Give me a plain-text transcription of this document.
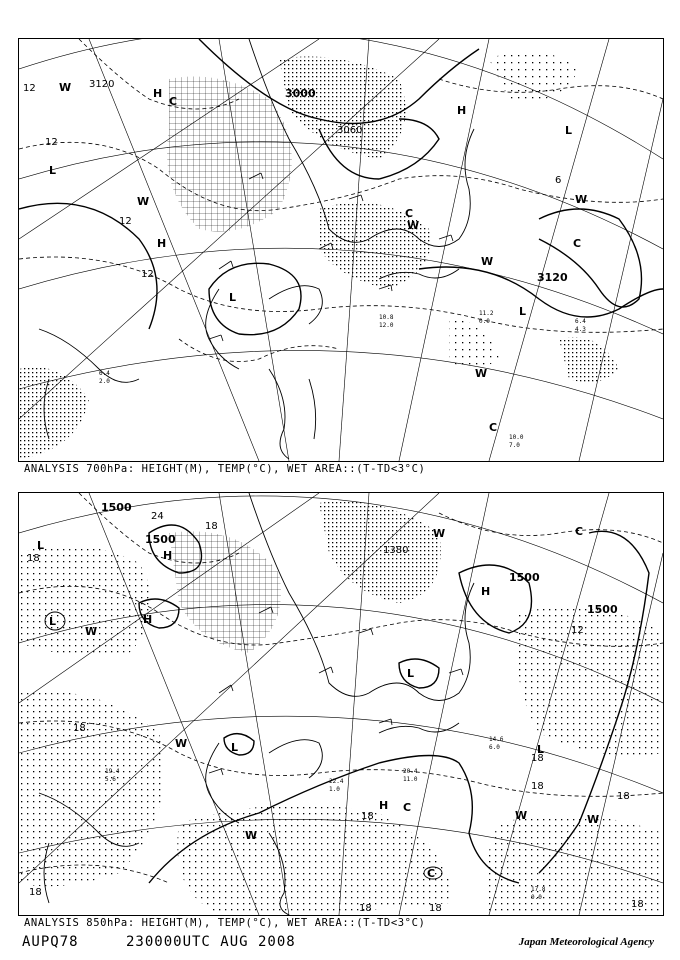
3000
3120
3120
3060
12
12
12
12
6
H
H
H
L
L
L
L
C
C
C
C
W
W
W
W
W
W
10.0
7.0
6.4
4.3
11.2
0.0
10.8
12.0
6.4
2.0
ANALYSIS 700hPa: HEIGHT(M), TEMP(°C), WET AREA::(T-TD<3°C)
1500
1500
1500
1500
1380
24
18
18
18
18
18
18
18
18
12
18
18	18
H
H
H
H
L
L
L
L	L
C
C
C
W
W
W
W
W	W
14.6
6.0
19.4
5.6
20.4
11.0
22.4
1.0
17.8
0.0
ANALYSIS 850hPa: HEIGHT(M), TEMP(°C), WET AREA::(T-TD<3°C)
AUPQ78	230000UTC AUG 2008	Japan Meteorological Agency
